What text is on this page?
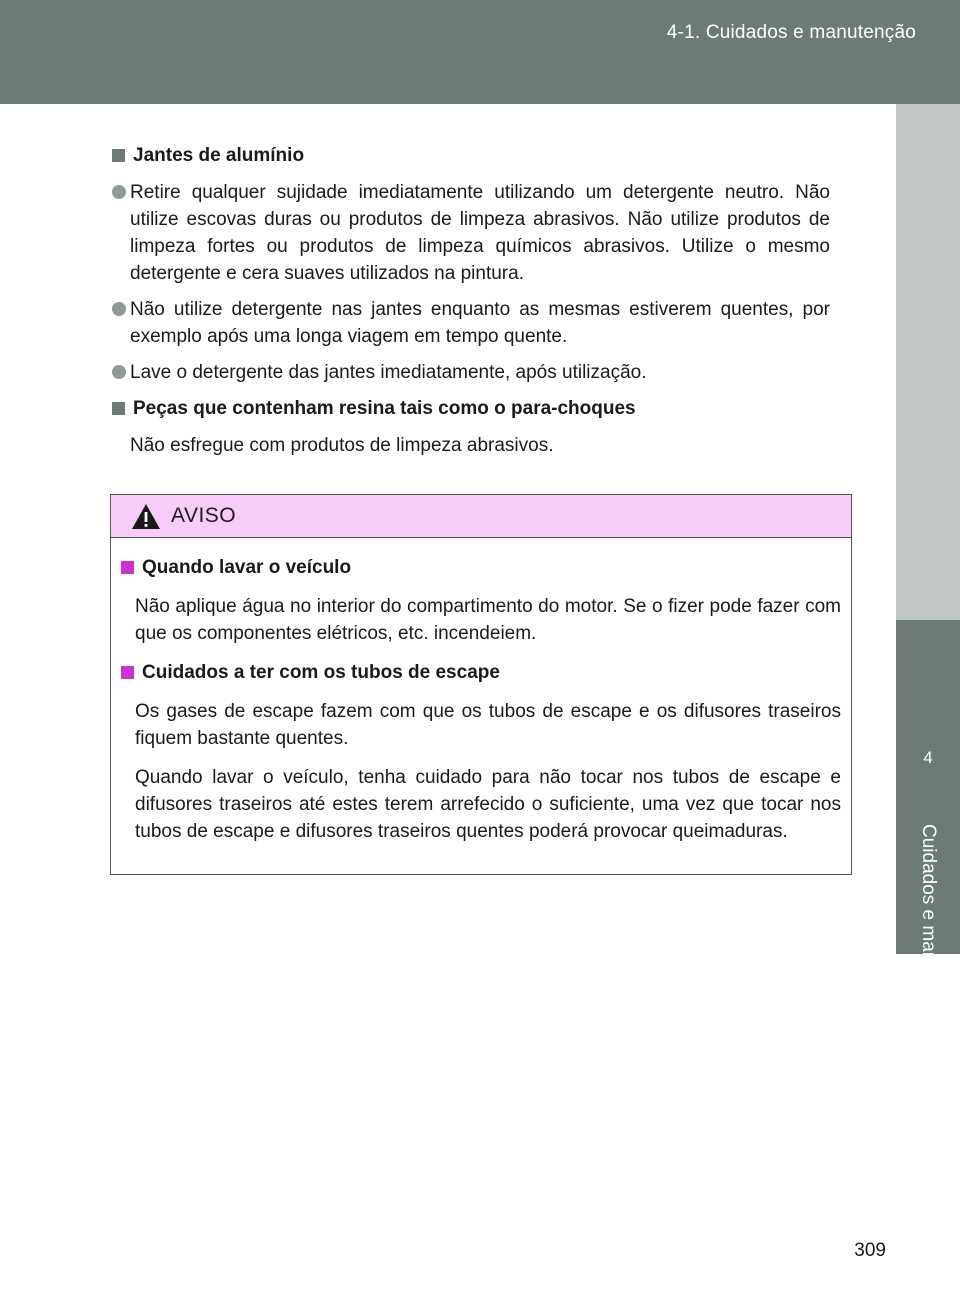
4-1. Cuidados e manutenção
4
Cuidados e manutenção
Jantes de alumínio
Retire qualquer sujidade imediatamente utilizando um detergente neutro. Não utilize escovas duras ou produtos de limpeza abrasivos. Não utilize produtos de limpeza fortes ou produtos de limpeza químicos abrasivos. Utilize o mesmo detergente e cera suaves utilizados na pintura.
Não utilize detergente nas jantes enquanto as mesmas estiverem quentes, por exemplo após uma longa viagem em tempo quente.
Lave o detergente das jantes imediatamente, após utilização.
Peças que contenham resina tais como o para-choques
Não esfregue com produtos de limpeza abrasivos.
AVISO
Quando lavar o veículo
Não aplique água no interior do compartimento do motor. Se o fizer pode fazer com que os componentes elétricos, etc. incendeiem.
Cuidados a ter com os tubos de escape
Os gases de escape fazem com que os tubos de escape e os difusores traseiros fiquem bastante quentes.
Quando lavar o veículo, tenha cuidado para não tocar nos tubos de escape e difusores traseiros até estes terem arrefecido o suficiente, uma vez que tocar nos tubos de escape e difusores traseiros quentes poderá provocar queimaduras.
309
